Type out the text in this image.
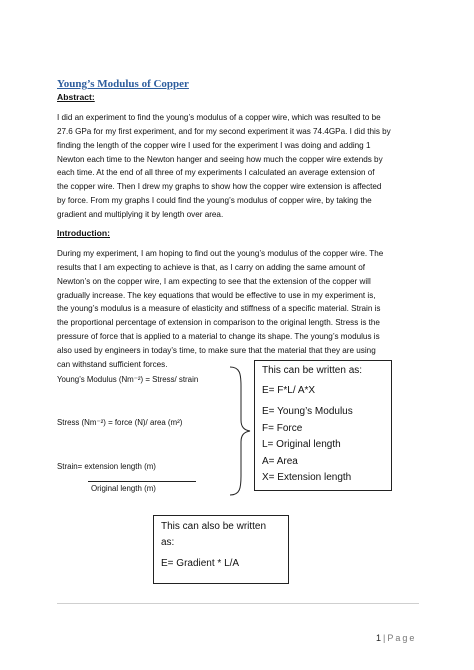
Young’s Modulus of Copper
Abstract:
I did an experiment to find the young’s modulus of a copper wire, which was resulted to be
27.6 GPa for my first experiment, and for my second experiment it was 74.4GPa. I did this by
finding the length of the copper wire I used for the experiment I was doing and adding 1
Newton each time to the Newton hanger and seeing how much the copper wire extends by
each time. At the end of all three of my experiments I calculated an average extension of
the copper wire. Then I drew my graphs to show how the copper wire extension is affected
by force. From my graphs I could find the young’s modulus of copper wire, by taking the
gradient and multiplying it by length over area.
Introduction:
During my experiment, I am hoping to find out the young’s modulus of the copper wire. The
results that I am expecting to achieve is that, as I carry on adding the same amount of
Newton’s on the copper wire, I am expecting to see that the extension of the copper will
gradually increase. The key equations that would be effective to use in my experiment is,
the young’s modulus is a measure of elasticity and stiffness of a specific material. Strain is
the proportional percentage of extension in comparison to the original length. Stress is the
pressure of force that is applied to a material to change its shape. The young’s modulus is
also used by engineers in today’s time, to make sure that the material that they are using
can withstand sufficient forces.
Young’s Modulus (Nm⁻²) = Stress/ strain
Stress (Nm⁻²) = force (N)/ area (m²)
Strain= extension length (m)
Original length (m)
This can be written as:
E= F*L/ A*X
E= Young’s Modulus
F= Force
L= Original length
A= Area
X= Extension length
This can also be written
as:
E= Gradient * L/A
1 | Page
